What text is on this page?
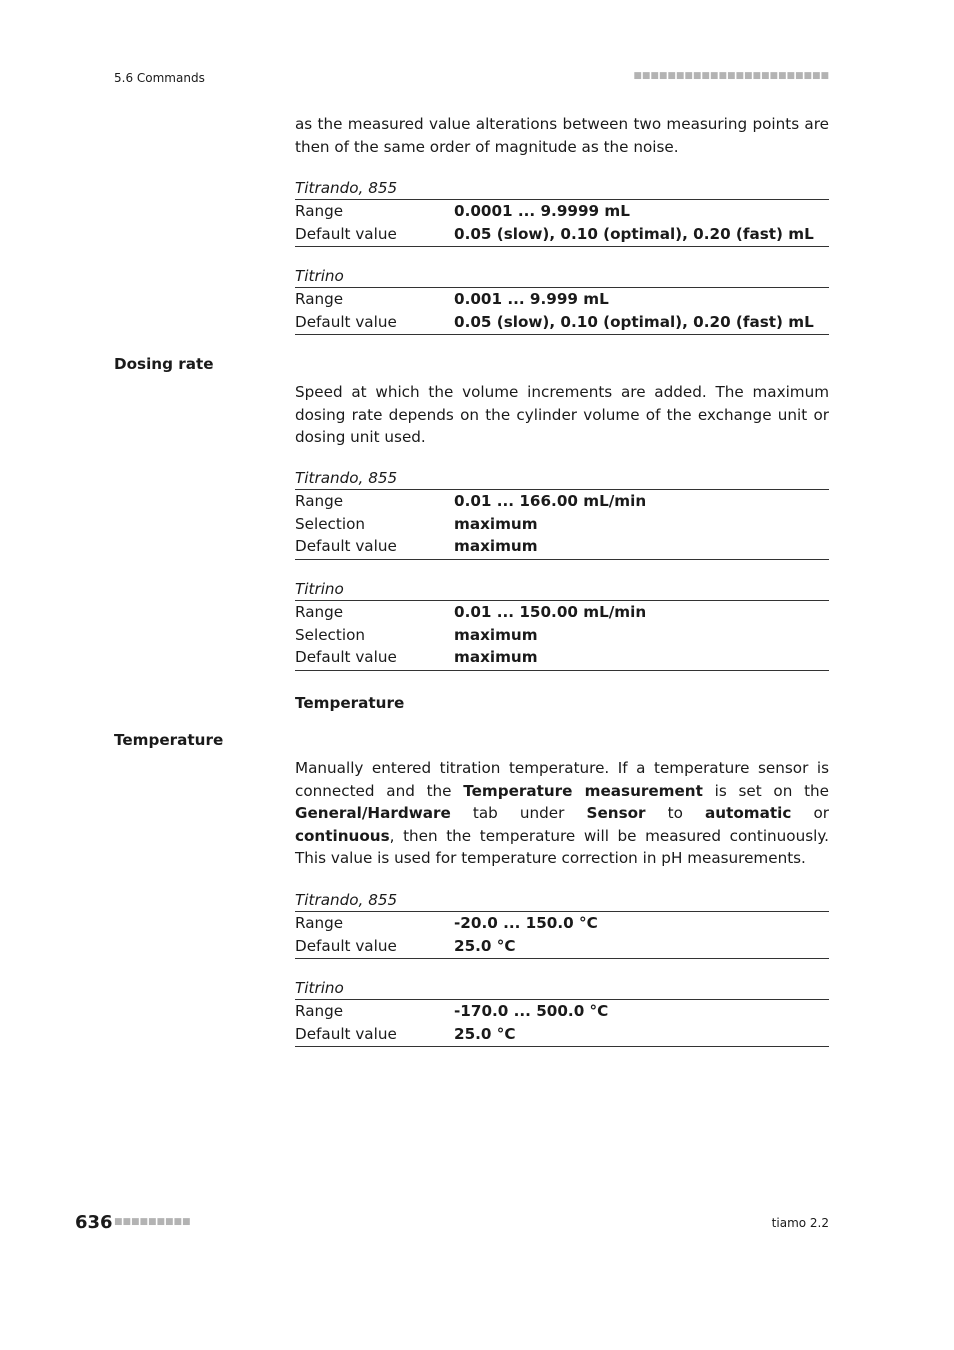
5.6 Commands	■■■■■■■■■■■■■■■■■■■■■■■
as the measured value alterations between two measuring points are then of the same order of magnitude as the noise.
Titrando, 855
Range	0.0001 ... 9.9999 mL
Default value	0.05 (slow), 0.10 (optimal), 0.20 (fast) mL
Titrino
Range	0.001 ... 9.999 mL
Default value	0.05 (slow), 0.10 (optimal), 0.20 (fast) mL
Dosing rate
Speed at which the volume increments are added. The maximum dosing rate depends on the cylinder volume of the exchange unit or dosing unit used.
Titrando, 855
Range	0.01 ... 166.00 mL/min
Selection	maximum
Default value	maximum
Titrino
Range	0.01 ... 150.00 mL/min
Selection	maximum
Default value	maximum
Temperature
Temperature
Manually entered titration temperature. If a temperature sensor is connected and the Temperature measurement is set on the General/Hardware tab under Sensor to automatic or continuous, then the temperature will be measured continuously. This value is used for temperature correction in pH measurements.
Titrando, 855
Range	-20.0 ... 150.0 °C
Default value	25.0 °C
Titrino
Range	-170.0 ... 500.0 °C
Default value	25.0 °C
636 ■■■■■■■■■	tiamo 2.2
